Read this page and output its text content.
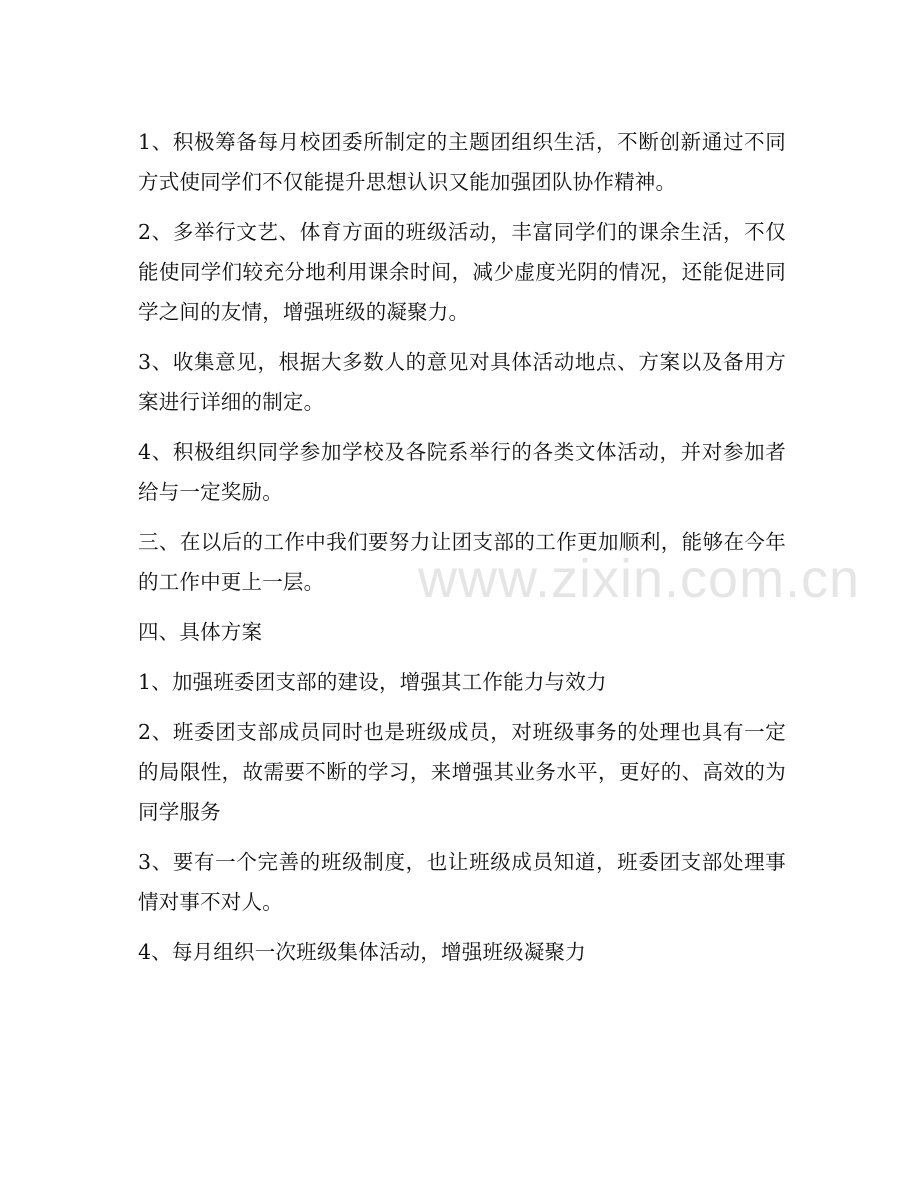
1、积极筹备每月校团委所制定的主题团组织生活，不断创新通过不同方式使同学们不仅能提升思想认识又能加强团队协作精神。

2、多举行文艺、体育方面的班级活动，丰富同学们的课余生活，不仅能使同学们较充分地利用课余时间，减少虚度光阴的情况，还能促进同学之间的友情，增强班级的凝聚力。

3、收集意见，根据大多数人的意见对具体活动地点、方案以及备用方案进行详细的制定。

4、积极组织同学参加学校及各院系举行的各类文体活动，并对参加者给与一定奖励。

三、在以后的工作中我们要努力让团支部的工作更加顺利，能够在今年的工作中更上一层。

四、具体方案

1、加强班委团支部的建设，增强其工作能力与效力

2、班委团支部成员同时也是班级成员，对班级事务的处理也具有一定的局限性，故需要不断的学习，来增强其业务水平，更好的、高效的为同学服务

3、要有一个完善的班级制度，也让班级成员知道，班委团支部处理事情对事不对人。

4、每月组织一次班级集体活动，增强班级凝聚力

www.zixin.com.cn
